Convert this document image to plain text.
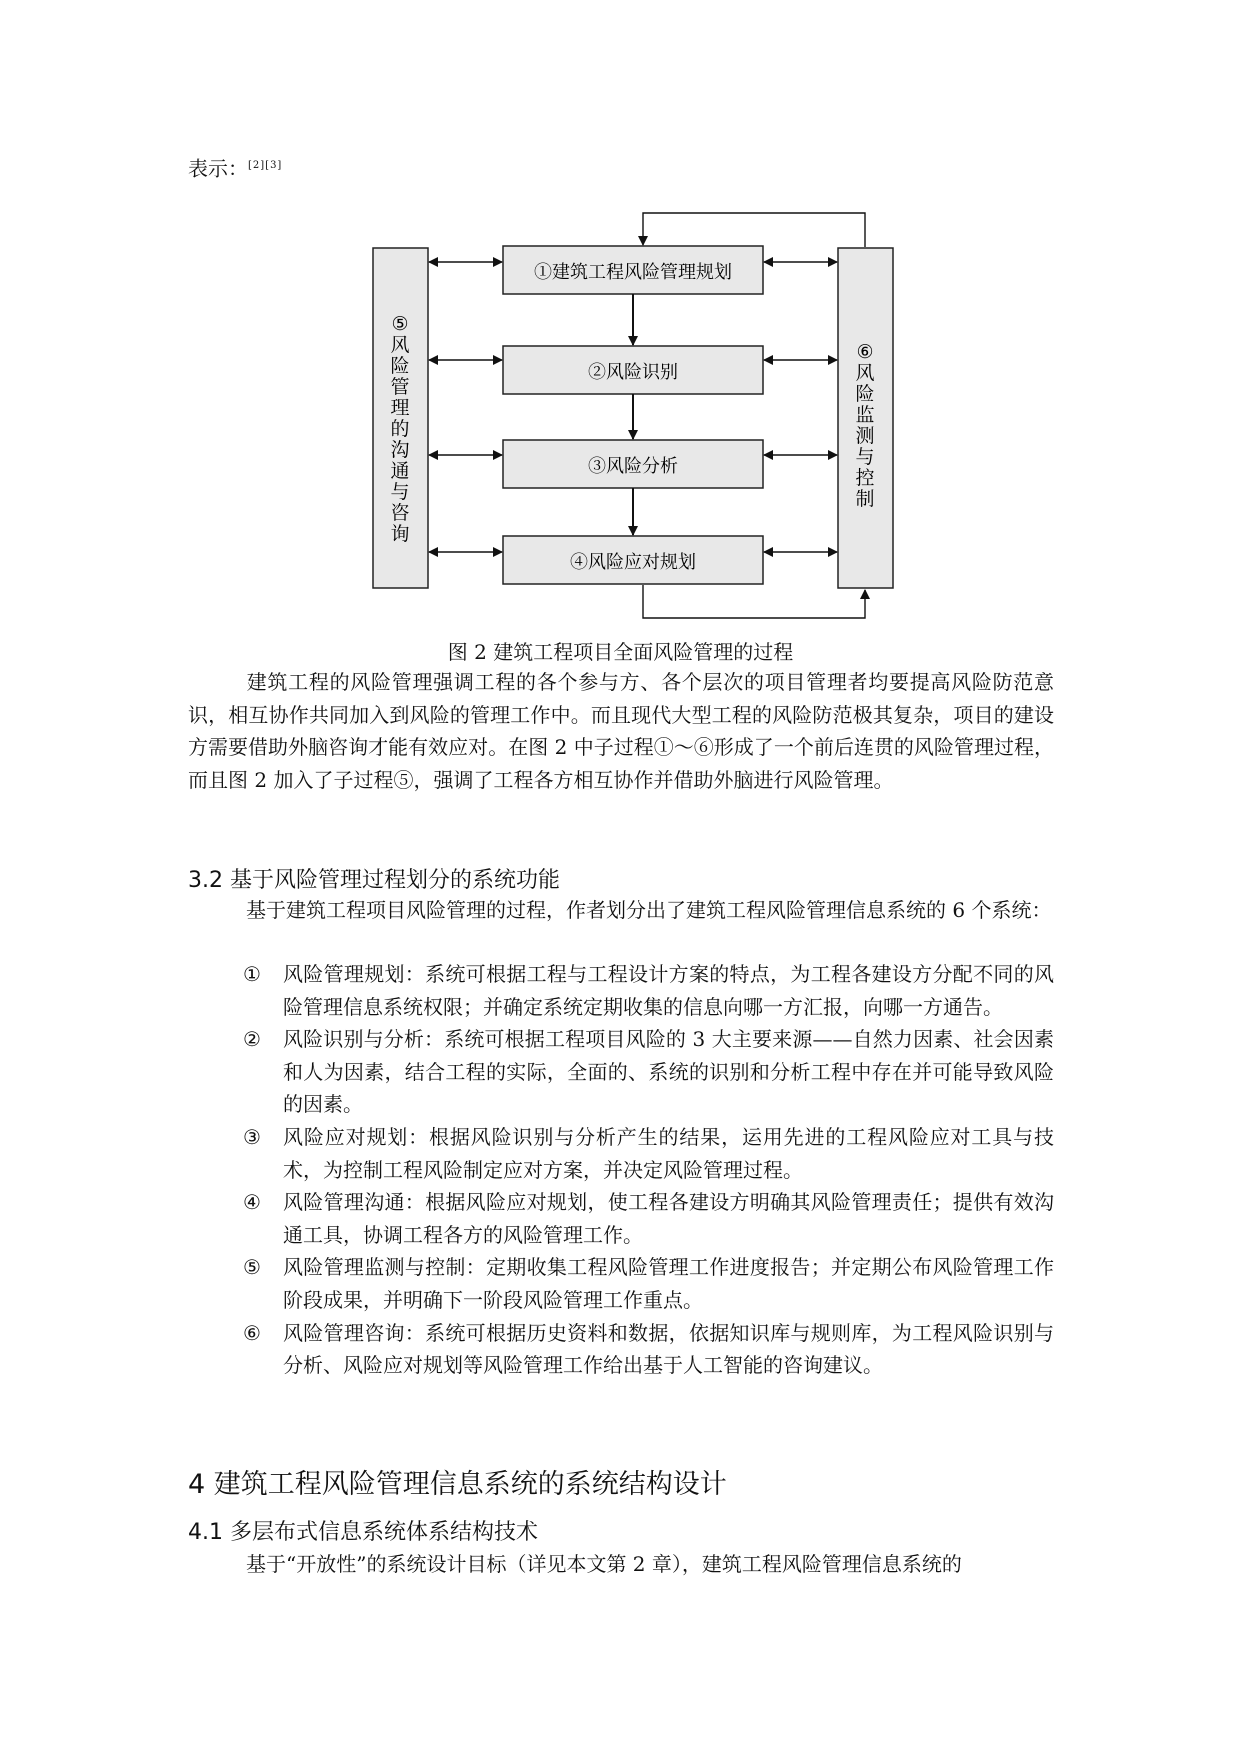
表示：[2][3]
①建筑工程风险管理规划
②风险识别
③风险分析
④风险应对规划
⑤
风
险
管
理
的
沟
通
与
咨
询
⑥
风
险
监
测
与
控
制
图 2 建筑工程项目全面风险管理的过程
建筑工程的风险管理强调工程的各个参与方、各个层次的项目管理者均要提高风险防范意识，相互协作共同加入到风险的管理工作中。而且现代大型工程的风险防范极其复杂，项目的建设方需要借助外脑咨询才能有效应对。在图 2 中子过程①～⑥形成了一个前后连贯的风险管理过程，而且图 2 加入了子过程⑤，强调了工程各方相互协作并借助外脑进行风险管理。
3.2 基于风险管理过程划分的系统功能
基于建筑工程项目风险管理的过程，作者划分出了建筑工程风险管理信息系统的 6 个系统：
① 风险管理规划：系统可根据工程与工程设计方案的特点，为工程各建设方分配不同的风险管理信息系统权限；并确定系统定期收集的信息向哪一方汇报，向哪一方通告。
② 风险识别与分析：系统可根据工程项目风险的 3 大主要来源——自然力因素、社会因素和人为因素，结合工程的实际，全面的、系统的识别和分析工程中存在并可能导致风险的因素。
③ 风险应对规划：根据风险识别与分析产生的结果，运用先进的工程风险应对工具与技术，为控制工程风险制定应对方案，并决定风险管理过程。
④ 风险管理沟通：根据风险应对规划，使工程各建设方明确其风险管理责任；提供有效沟通工具，协调工程各方的风险管理工作。
⑤ 风险管理监测与控制：定期收集工程风险管理工作进度报告；并定期公布风险管理工作阶段成果，并明确下一阶段风险管理工作重点。
⑥ 风险管理咨询：系统可根据历史资料和数据，依据知识库与规则库，为工程风险识别与分析、风险应对规划等风险管理工作给出基于人工智能的咨询建议。
4 建筑工程风险管理信息系统的系统结构设计
4.1 多层布式信息系统体系结构技术
基于“开放性”的系统设计目标（详见本文第 2 章），建筑工程风险管理信息系统的
